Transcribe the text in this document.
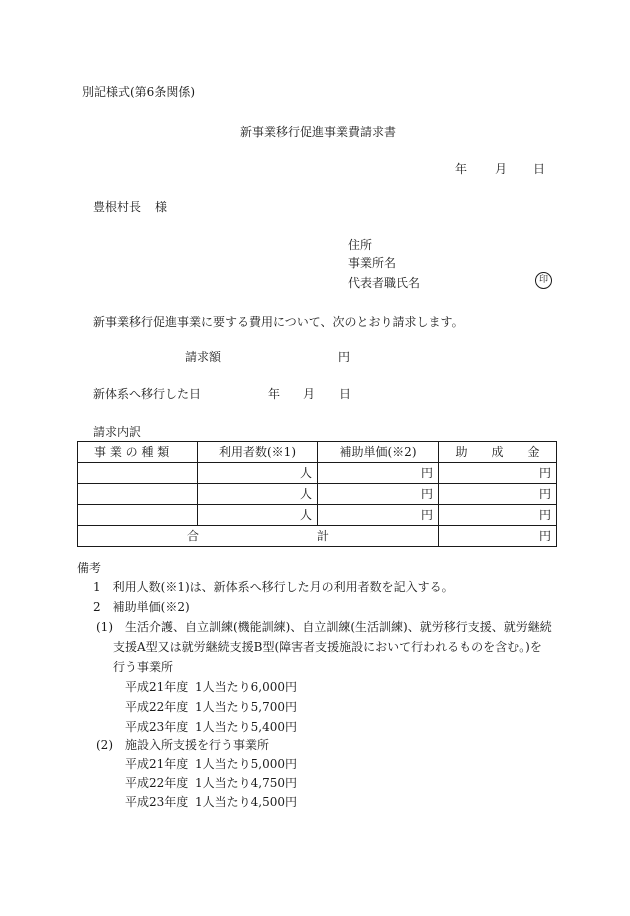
別記様式(第6条関係)
新事業移行促進事業費請求書
年 月 日
豊根村長 様
住所
事業所名
代表者職氏名	印
新事業移行促進事業に要する費用について、次のとおり請求します。
請求額	円
新体系へ移行した日	年 月 日
請求内訳
事 業 の 種 類	利用者数(※1)	補助単価(※2)	助　　成　　金
	人	円	円
	人	円	円
	人	円	円
合 計			円
備考
1　利用人数(※1)は、新体系へ移行した月の利用者数を記入する。
2　補助単価(※2)
(1)　生活介護、自立訓練(機能訓練)、自立訓練(生活訓練)、就労移行支援、就労継続
支援A型又は就労継続支援B型(障害者支援施設において行われるものを含む。)を
行う事業所
平成21年度 1人当たり6,000円
平成22年度 1人当たり5,700円
平成23年度 1人当たり5,400円
(2)　施設入所支援を行う事業所
平成21年度 1人当たり5,000円
平成22年度 1人当たり4,750円
平成23年度 1人当たり4,500円
